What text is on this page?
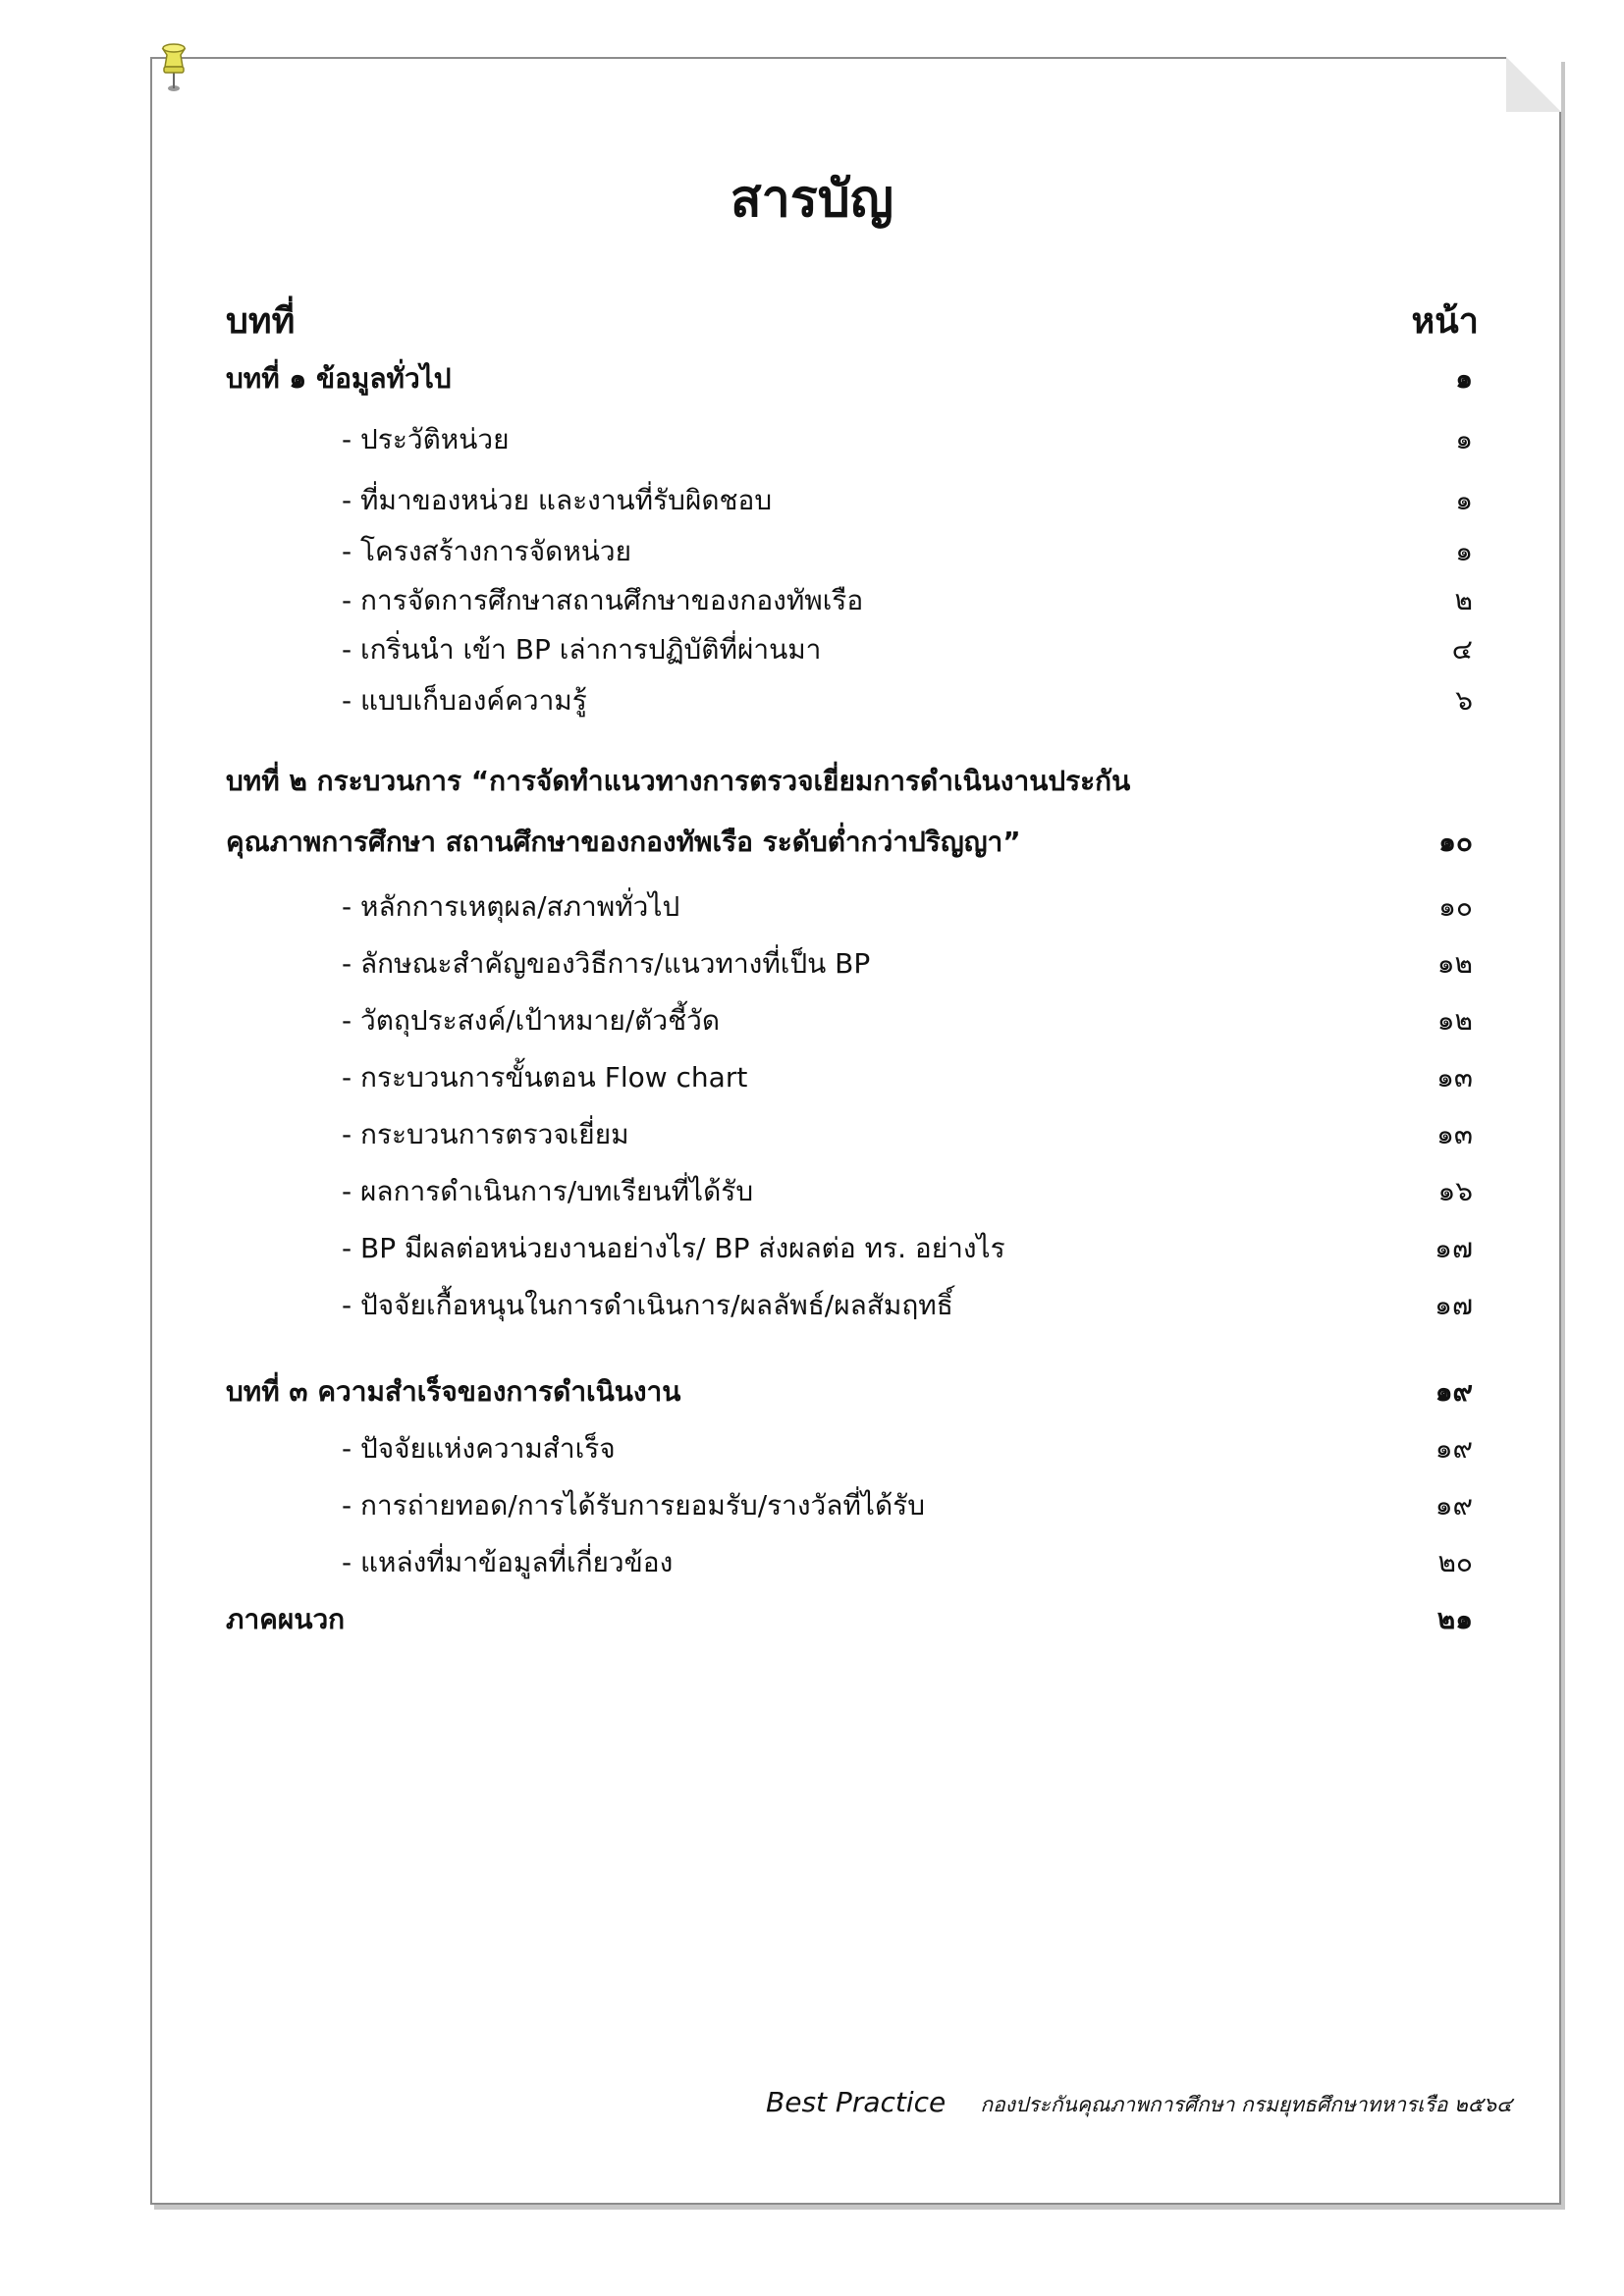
สารบัญ
บทที่	หน้า
บทที่ ๑ ข้อมูลทั่วไป	๑
- ประวัติหน่วย	๑
- ที่มาของหน่วย และงานที่รับผิดชอบ	๑
- โครงสร้างการจัดหน่วย	๑
- การจัดการศึกษาสถานศึกษาของกองทัพเรือ	๒
- เกริ่นนำ เข้า BP เล่าการปฏิบัติที่ผ่านมา	๔
- แบบเก็บองค์ความรู้	๖
บทที่ ๒ กระบวนการ “การจัดทำแนวทางการตรวจเยี่ยมการดำเนินงานประกัน
คุณภาพการศึกษา สถานศึกษาของกองทัพเรือ ระดับต่ำกว่าปริญญา”	๑๐
- หลักการเหตุผล/สภาพทั่วไป	๑๐
- ลักษณะสำคัญของวิธีการ/แนวทางที่เป็น BP	๑๒
- วัตถุประสงค์/เป้าหมาย/ตัวชี้วัด	๑๒
- กระบวนการขั้นตอน Flow chart	๑๓
- กระบวนการตรวจเยี่ยม	๑๓
- ผลการดำเนินการ/บทเรียนที่ได้รับ	๑๖
- BP มีผลต่อหน่วยงานอย่างไร/ BP ส่งผลต่อ ทร. อย่างไร	๑๗
- ปัจจัยเกื้อหนุนในการดำเนินการ/ผลลัพธ์/ผลสัมฤทธิ์	๑๗
บทที่ ๓ ความสำเร็จของการดำเนินงาน	๑๙
- ปัจจัยแห่งความสำเร็จ	๑๙
- การถ่ายทอด/การได้รับการยอมรับ/รางวัลที่ได้รับ	๑๙
- แหล่งที่มาข้อมูลที่เกี่ยวข้อง	๒๐
ภาคผนวก	๒๑
Best Practice กองประกันคุณภาพการศึกษา กรมยุทธศึกษาทหารเรือ ๒๕๖๔
